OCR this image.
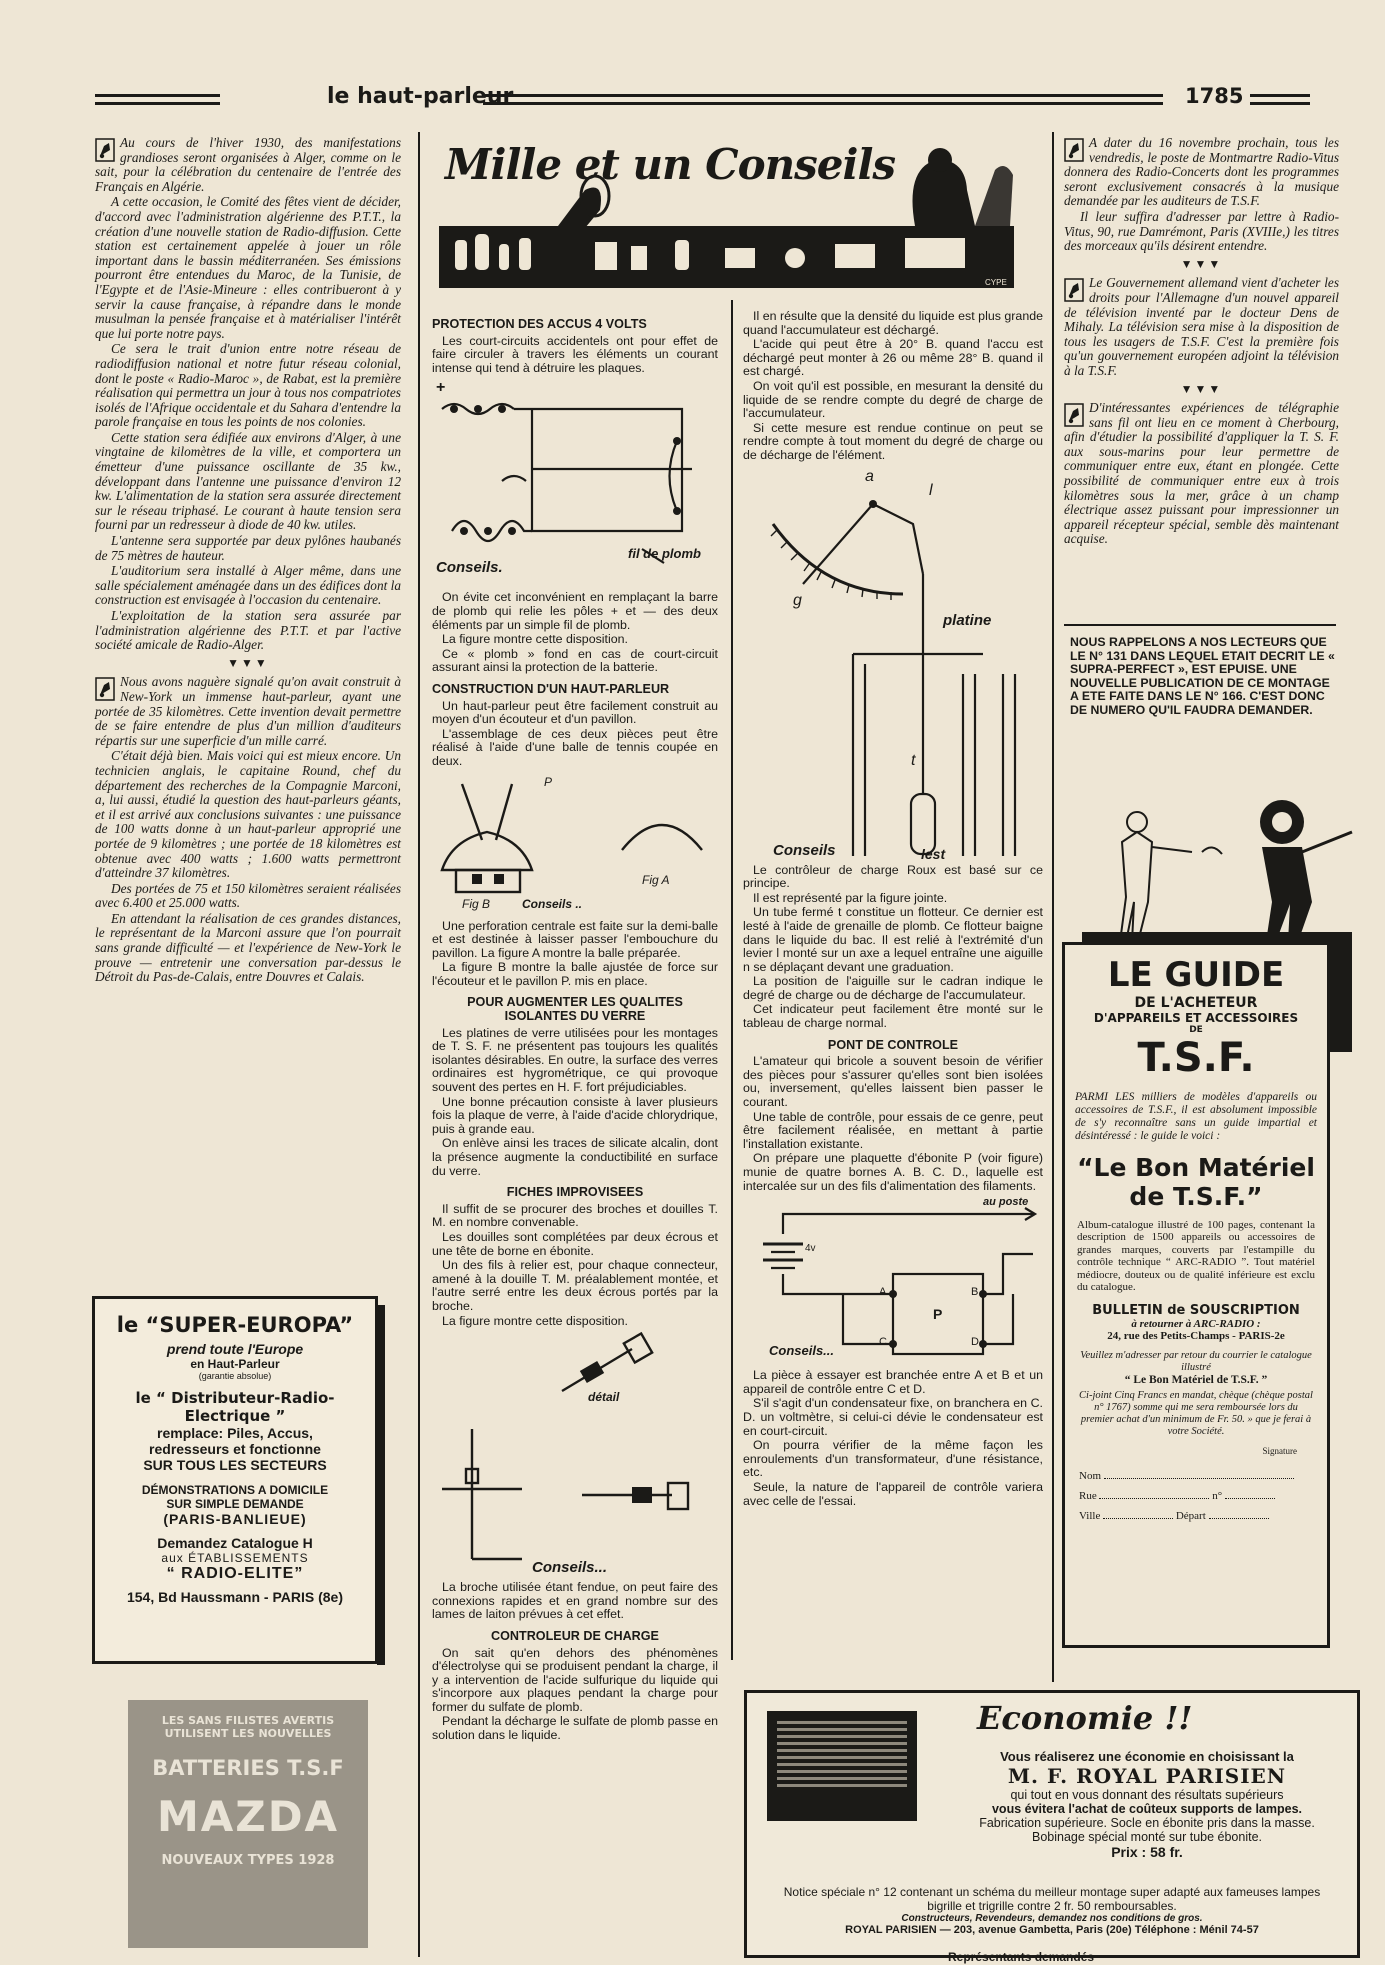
le haut-parleur	1785

Au cours de l'hiver 1930, des manifestations grandioses seront organisées à Alger, comme on le sait, pour la célébration du centenaire de l'entrée des Français en Algérie.

A cette occasion, le Comité des fêtes vient de décider, d'accord avec l'administration algérienne des P.T.T., la création d'une nouvelle station de Radio-diffusion. Cette station est certainement appelée à jouer un rôle important dans le bassin méditerranéen. Ses émissions pourront être entendues du Maroc, de la Tunisie, de l'Egypte et de l'Asie-Mineure : elles contribueront à y servir la cause française, à répandre dans le monde musulman la pensée française et à matérialiser l'intérêt que lui porte notre pays.

Ce sera le trait d'union entre notre réseau de radiodiffusion national et notre futur réseau colonial, dont le poste « Radio-Maroc », de Rabat, est la première réalisation qui permettra un jour à tous nos compatriotes isolés de l'Afrique occidentale et du Sahara d'entendre la parole française en tous les points de nos colonies.

Cette station sera édifiée aux environs d'Alger, à une vingtaine de kilomètres de la ville, et comportera un émetteur d'une puissance oscillante de 35 kw., développant dans l'antenne une puissance d'environ 12 kw. L'alimentation de la station sera assurée directement sur le réseau triphasé. Le courant à haute tension sera fourni par un redresseur à diode de 40 kw. utiles.

L'antenne sera supportée par deux pylônes haubanés de 75 mètres de hauteur.

L'auditorium sera installé à Alger même, dans une salle spécialement aménagée dans un des édifices dont la construction est envisagée à l'occasion du centenaire.

L'exploitation de la station sera assurée par l'administration algérienne des P.T.T. et par l'active société amicale de Radio-Alger.

▼▼▼

Nous avons naguère signalé qu'on avait construit à New-York un immense haut-parleur, ayant une portée de 35 kilomètres. Cette invention devait permettre de se faire entendre de plus d'un million d'auditeurs répartis sur une superficie d'un mille carré.

C'était déjà bien. Mais voici qui est mieux encore. Un technicien anglais, le capitaine Round, chef du département des recherches de la Compagnie Marconi, a, lui aussi, étudié la question des haut-parleurs géants, et il est arrivé aux conclusions suivantes : une puissance de 100 watts donne à un haut-parleur approprié une portée de 9 kilomètres ; une portée de 18 kilomètres est obtenue avec 400 watts ; 1.600 watts permettront d'atteindre 37 kilomètres.

Des portées de 75 et 150 kilomètres seraient réalisées avec 6.400 et 25.000 watts.

En attendant la réalisation de ces grandes distances, le représentant de la Marconi assure que l'on pourrait sans grande difficulté — et l'expérience de New-York le prouve — entretenir une conversation par-dessus le Détroit du Pas-de-Calais, entre Douvres et Calais.

le “SUPER-EUROPA”
prend toute l'Europe
en Haut-Parleur
(garantie absolue)
le “ Distributeur-Radio-Electrique ”
remplace: Piles, Accus,
redresseurs et fonctionne
SUR TOUS LES SECTEURS
DÉMONSTRATIONS A DOMICILE
SUR SIMPLE DEMANDE
(PARIS-BANLIEUE)
Demandez Catalogue H
aux ÉTABLISSEMENTS
“ RADIO-ELITE”
154, Bd Haussmann - PARIS (8e)
LES SANS FILISTES AVERTIS
UTILISENT LES NOUVELLES
BATTERIES T.S.F
MAZDA
NOUVEAUX TYPES 1928
Mille et un Conseils
CYPE
PROTECTION DES ACCUS 4 VOLTS

Les court-circuits accidentels ont pour effet de faire circuler à travers les éléments un courant intense qui tend à détruire les plaques.

+
Conseils.
fil de plomb

On évite cet inconvénient en remplaçant la barre de plomb qui relie les pôles + et — des deux éléments par un simple fil de plomb.

La figure montre cette disposition.

Ce « plomb » fond en cas de court-circuit assurant ainsi la protection de la batterie.

CONSTRUCTION D'UN HAUT-PARLEUR

Un haut-parleur peut être facilement construit au moyen d'un écouteur et d'un pavillon.

L'assemblage de ces deux pièces peut être réalisé à l'aide d'une balle de tennis coupée en deux.

P
Fig B	Conseils ..
Fig A

Une perforation centrale est faite sur la demi-balle et est destinée à laisser passer l'embouchure du pavillon. La figure A montre la balle préparée.

La figure B montre la balle ajustée de force sur l'écouteur et le pavillon P. mis en place.

POUR AUGMENTER LES QUALITES ISOLANTES DU VERRE

Les platines de verre utilisées pour les montages de T. S. F. ne présentent pas toujours les qualités isolantes désirables. En outre, la surface des verres ordinaires est hygrométrique, ce qui provoque souvent des pertes en H. F. fort préjudiciables.

Une bonne précaution consiste à laver plusieurs fois la plaque de verre, à l'aide d'acide chlorydrique, puis à grande eau.

On enlève ainsi les traces de silicate alcalin, dont la présence augmente la conductibilité en surface du verre.

FICHES IMPROVISEES

Il suffit de se procurer des broches et douilles T. M. en nombre convenable.

Les douilles sont complétées par deux écrous et une tête de borne en ébonite.

Un des fils à relier est, pour chaque connecteur, amené à la douille T. M. préalablement montée, et l'autre serré entre les deux écrous portés par la broche.

La figure montre cette disposition.

détail
Conseils...

La broche utilisée étant fendue, on peut faire des connexions rapides et en grand nombre sur des lames de laiton prévues à cet effet.

CONTROLEUR DE CHARGE

On sait qu'en dehors des phénomènes d'électrolyse qui se produisent pendant la charge, il y a intervention de l'acide sulfurique du liquide qui s'incorpore aux plaques pendant la charge pour former du sulfate de plomb.

Pendant la décharge le sulfate de plomb passe en solution dans le liquide.

Il en résulte que la densité du liquide est plus grande quand l'accumulateur est déchargé.

L'acide qui peut être à 20° B. quand l'accu est déchargé peut monter à 26 ou même 28° B. quand il est chargé.

On voit qu'il est possible, en mesurant la densité du liquide de se rendre compte du degré de charge de l'accumulateur.

Si cette mesure est rendue continue on peut se rendre compte à tout moment du degré de charge ou de décharge de l'élément.

a
l
g
t
platine
lest
Conseils

Le contrôleur de charge Roux est basé sur ce principe.

Il est représenté par la figure jointe.

Un tube fermé t constitue un flotteur. Ce dernier est lesté à l'aide de grenaille de plomb. Ce flotteur baigne dans le liquide du bac. Il est relié à l'extrémité d'un levier l monté sur un axe a lequel entraîne une aiguille n se déplaçant devant une graduation.

La position de l'aiguille sur le cadran indique le degré de charge ou de décharge de l'accumulateur.

Cet indicateur peut facilement être monté sur le tableau de charge normal.

PONT DE CONTROLE

L'amateur qui bricole a souvent besoin de vérifier des pièces pour s'assurer qu'elles sont bien isolées ou, inversement, qu'elles laissent bien passer le courant.

Une table de contrôle, pour essais de ce genre, peut être facilement réalisée, en mettant à partie l'installation existante.

On prépare une plaquette d'ébonite P (voir figure) munie de quatre bornes A. B. C. D., laquelle est intercalée sur un des fils d'alimentation des filaments.

au poste
4v
A	B
C	D
P
Conseils...

La pièce à essayer est branchée entre A et B et un appareil de contrôle entre C et D.

S'il s'agit d'un condensateur fixe, on branchera en C. D. un voltmètre, si celui-ci dévie le condensateur est en court-circuit.

On pourra vérifier de la même façon les enroulements d'un transformateur, d'une résistance, etc.

Seule, la nature de l'appareil de contrôle variera avec celle de l'essai.

A dater du 16 novembre prochain, tous les vendredis, le poste de Montmartre Radio-Vitus donnera des Radio-Concerts dont les programmes seront exclusivement consacrés à la musique demandée par les auditeurs de T.S.F.

Il leur suffira d'adresser par lettre à Radio-Vitus, 90, rue Damrémont, Paris (XVIIIe,) les titres des morceaux qu'ils désirent entendre.

▼▼▼

Le Gouvernement allemand vient d'acheter les droits pour l'Allemagne d'un nouvel appareil de télévision inventé par le docteur Dens de Mihaly. La télévision sera mise à la disposition de tous les usagers de T.S.F. C'est la première fois qu'un gouvernement européen adjoint la télévision à la T.S.F.

▼▼▼

D'intéressantes expériences de télégraphie sans fil ont lieu en ce moment à Cherbourg, afin d'étudier la possibilité d'appliquer la T. S. F. aux sous-marins pour leur permettre de communiquer entre eux, étant en plongée. Cette possibilité de communiquer entre eux à trois kilomètres sous la mer, grâce à un champ électrique assez puissant pour impressionner un appareil récepteur spécial, semble dès maintenant acquise.

NOUS RAPPELONS A NOS LECTEURS QUE LE N° 131 DANS LEQUEL ETAIT DECRIT LE « SUPRA-PERFECT », EST EPUISE. UNE NOUVELLE PUBLICATION DE CE MONTAGE A ETE FAITE DANS LE N° 166. C'EST DONC DE NUMERO QU'IL FAUDRA DEMANDER.
LE GUIDE
DE L'ACHETEUR
D'APPAREILS ET ACCESSOIRES
DE
T.S.F.
PARMI LES milliers de modèles d'appareils ou accessoires de T.S.F., il est absolument impossible de s'y reconnaître sans un guide impartial et désintéressé : le guide le voici :
“Le Bon Matériel
de T.S.F.”
Album-catalogue illustré de 100 pages, contenant la description de 1500 appareils ou accessoires de grandes marques, couverts par l'estampille du contrôle technique “ ARC-RADIO ”. Tout matériel médiocre, douteux ou de qualité inférieure est exclu du catalogue.
BULLETIN de SOUSCRIPTION
à retourner à ARC-RADIO :
24, rue des Petits-Champs - PARIS-2e
Veuillez m'adresser par retour du courrier le catalogue illustré
“ Le Bon Matériel de T.S.F. ”
Ci-joint Cinq Francs en mandat, chèque (chèque postal n° 1767) somme qui me sera remboursée lors du premier achat d'un minimum de Fr. 50. » que je ferai à votre Société.
Signature
Nom
Rue	n°
Ville	Départ
Economie !!
Vous réaliserez une économie en choisissant la
M. F. ROYAL PARISIEN
qui tout en vous donnant des résultats supérieurs
vous évitera l'achat de coûteux supports de lampes.
Fabrication supérieure. Socle en ébonite pris dans la masse. Bobinage spécial monté sur tube ébonite.
Prix : 58 fr.
Notice spéciale n° 12 contenant un schéma du meilleur montage super adapté aux fameuses lampes bigrille et trigrille contre 2 fr. 50 remboursables.
Constructeurs, Revendeurs, demandez nos conditions de gros.
ROYAL PARISIEN — 203, avenue Gambetta, Paris (20e) Téléphone : Ménil 74-57
Représentants demandés
